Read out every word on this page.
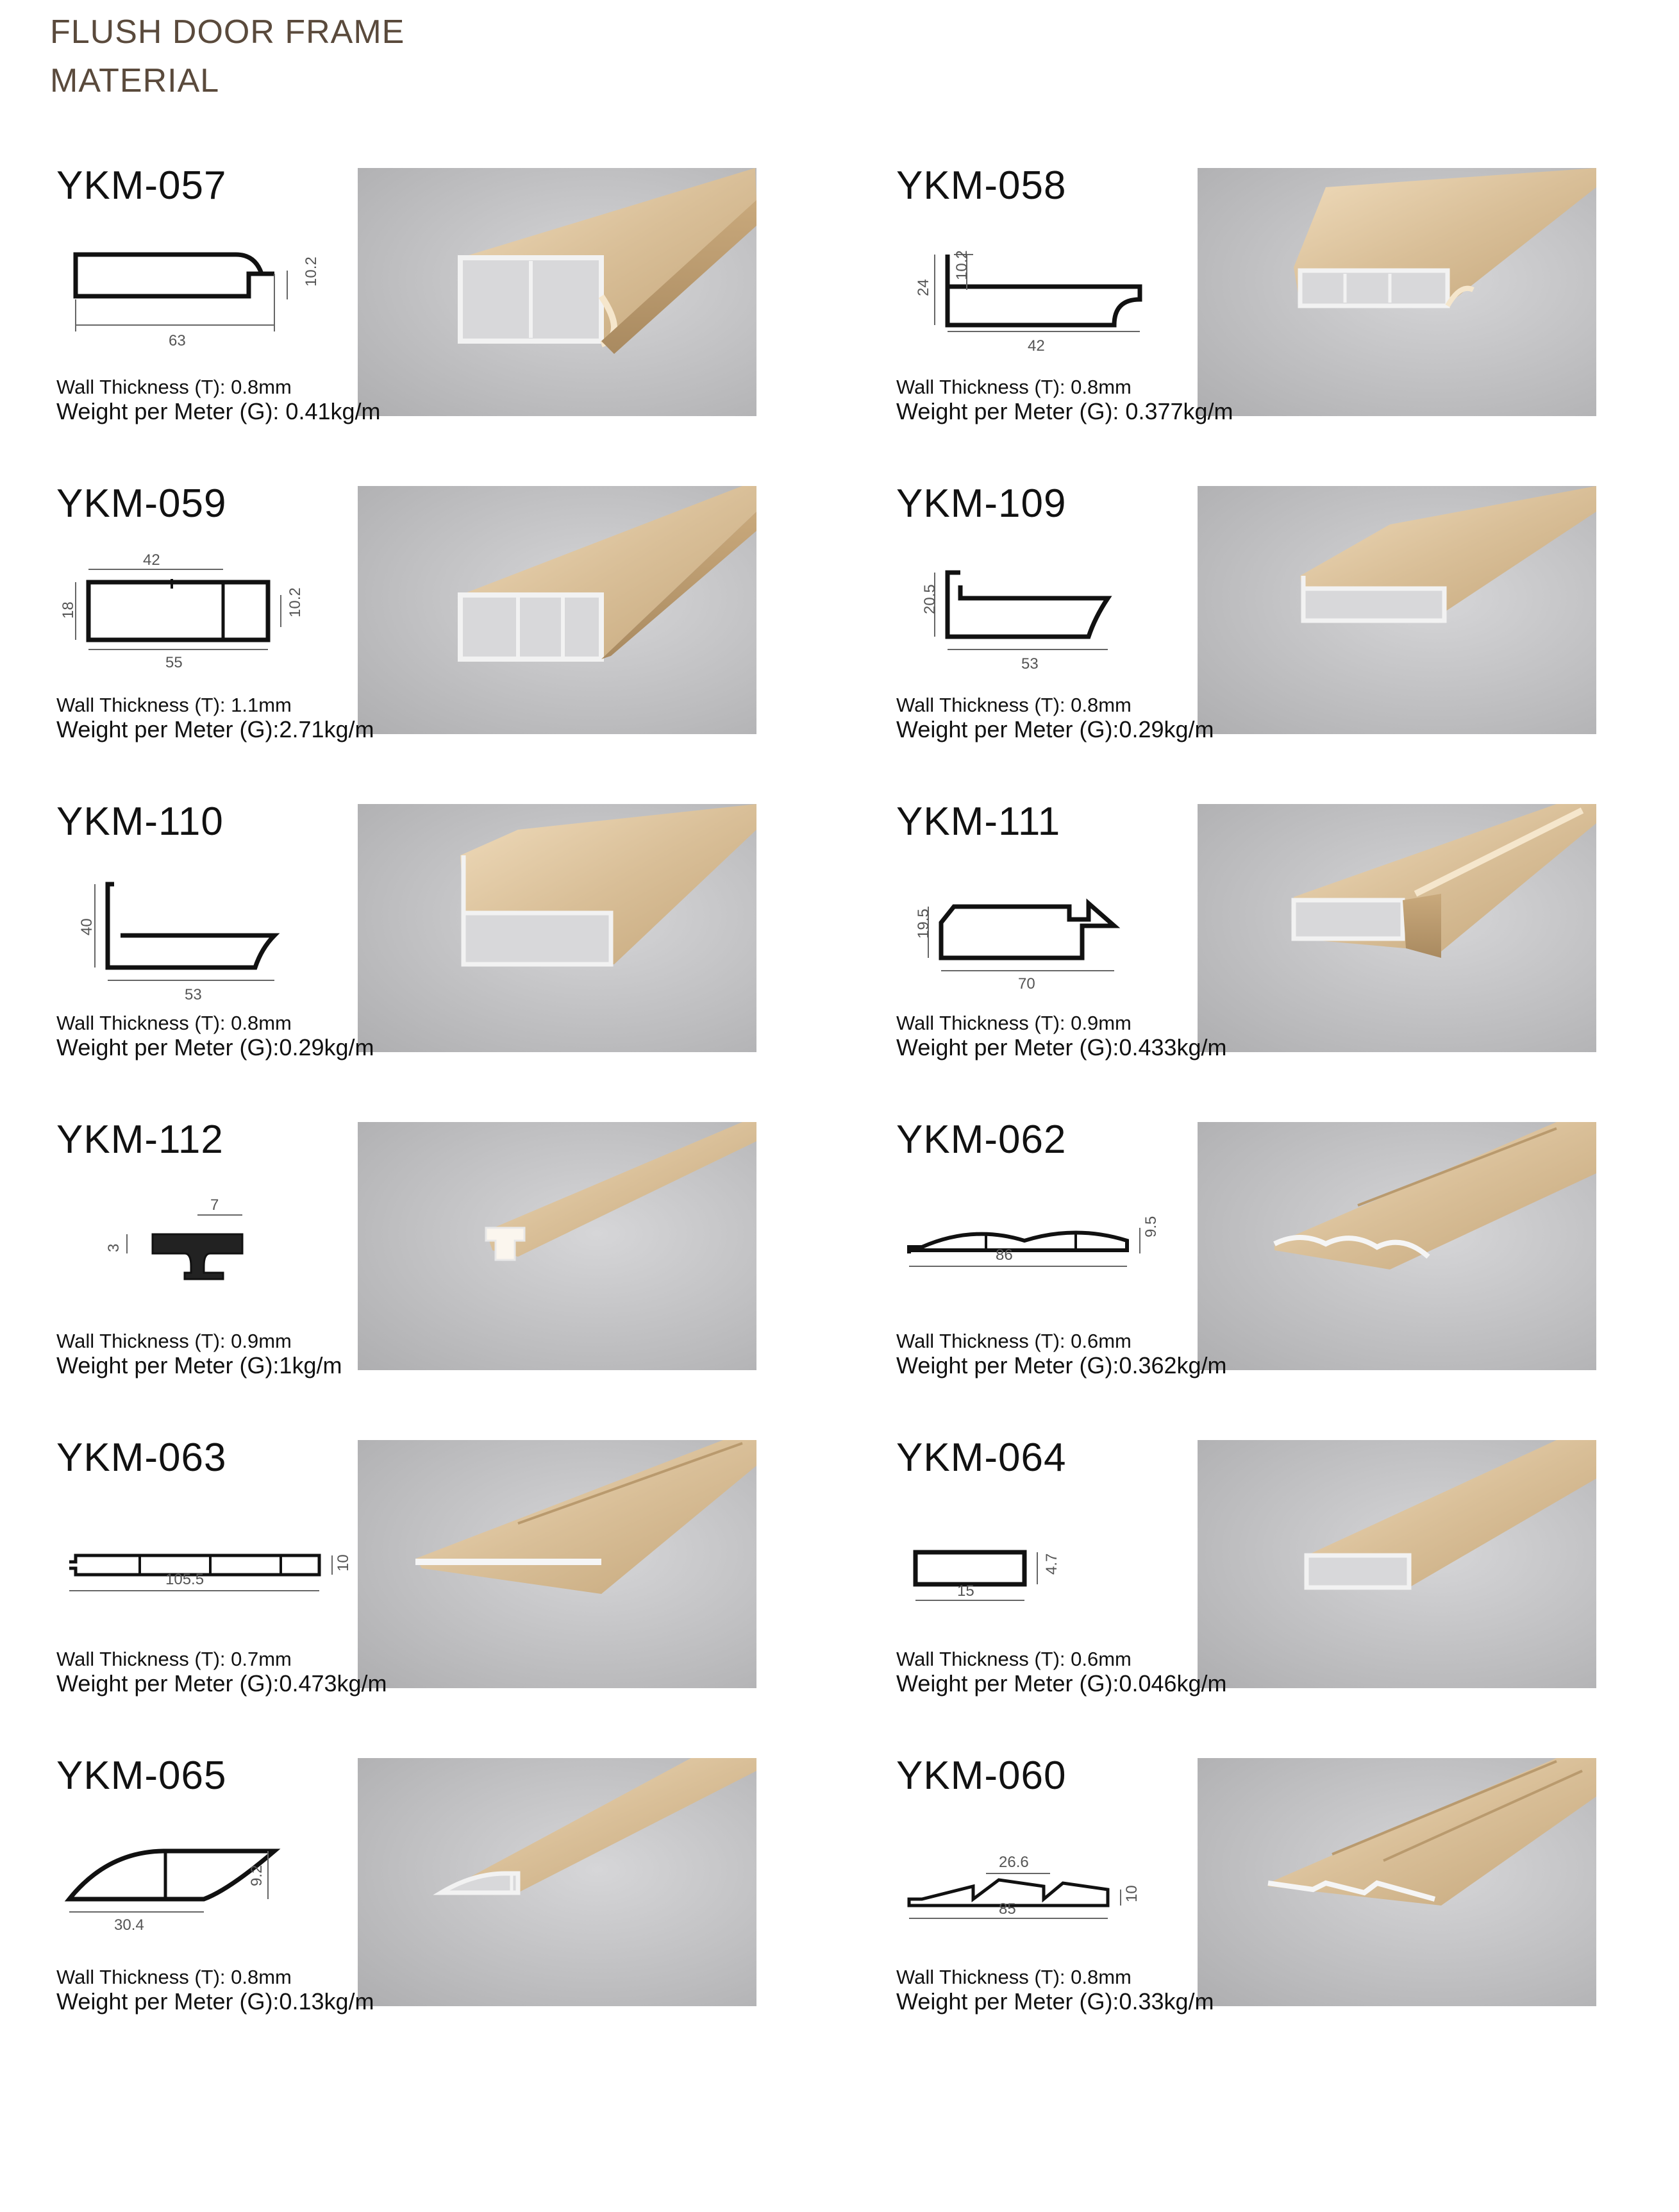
FLUSH DOOR FRAME
MATERIAL
YKM-057
63
10.2
Wall Thickness (T): 0.8mm
Weight per Meter (G): 0.41kg/m
YKM-058
24
10.2
42
Wall Thickness (T): 0.8mm
Weight per Meter (G): 0.377kg/m
YKM-059
42
18	10.2
55
Wall Thickness (T): 1.1mm
Weight per Meter (G):2.71kg/m
YKM-109
20.5
53
Wall Thickness (T): 0.8mm
Weight per Meter (G):0.29kg/m
YKM-110
40
53
Wall Thickness (T): 0.8mm
Weight per Meter (G):0.29kg/m
YKM-111
19.5
70
Wall Thickness (T): 0.9mm
Weight per Meter (G):0.433kg/m
YKM-112
7
3
Wall Thickness (T): 0.9mm
Weight per Meter (G):1kg/m
YKM-062
86
9.5
Wall Thickness (T): 0.6mm
Weight per Meter (G):0.362kg/m
YKM-063
105.5
10
Wall Thickness (T): 0.7mm
Weight per Meter (G):0.473kg/m
YKM-064
15
4.7
Wall Thickness (T): 0.6mm
Weight per Meter (G):0.046kg/m
YKM-065
30.4
9.2
Wall Thickness (T): 0.8mm
Weight per Meter (G):0.13kg/m
YKM-060
26.6
10
85
Wall Thickness (T): 0.8mm
Weight per Meter (G):0.33kg/m
